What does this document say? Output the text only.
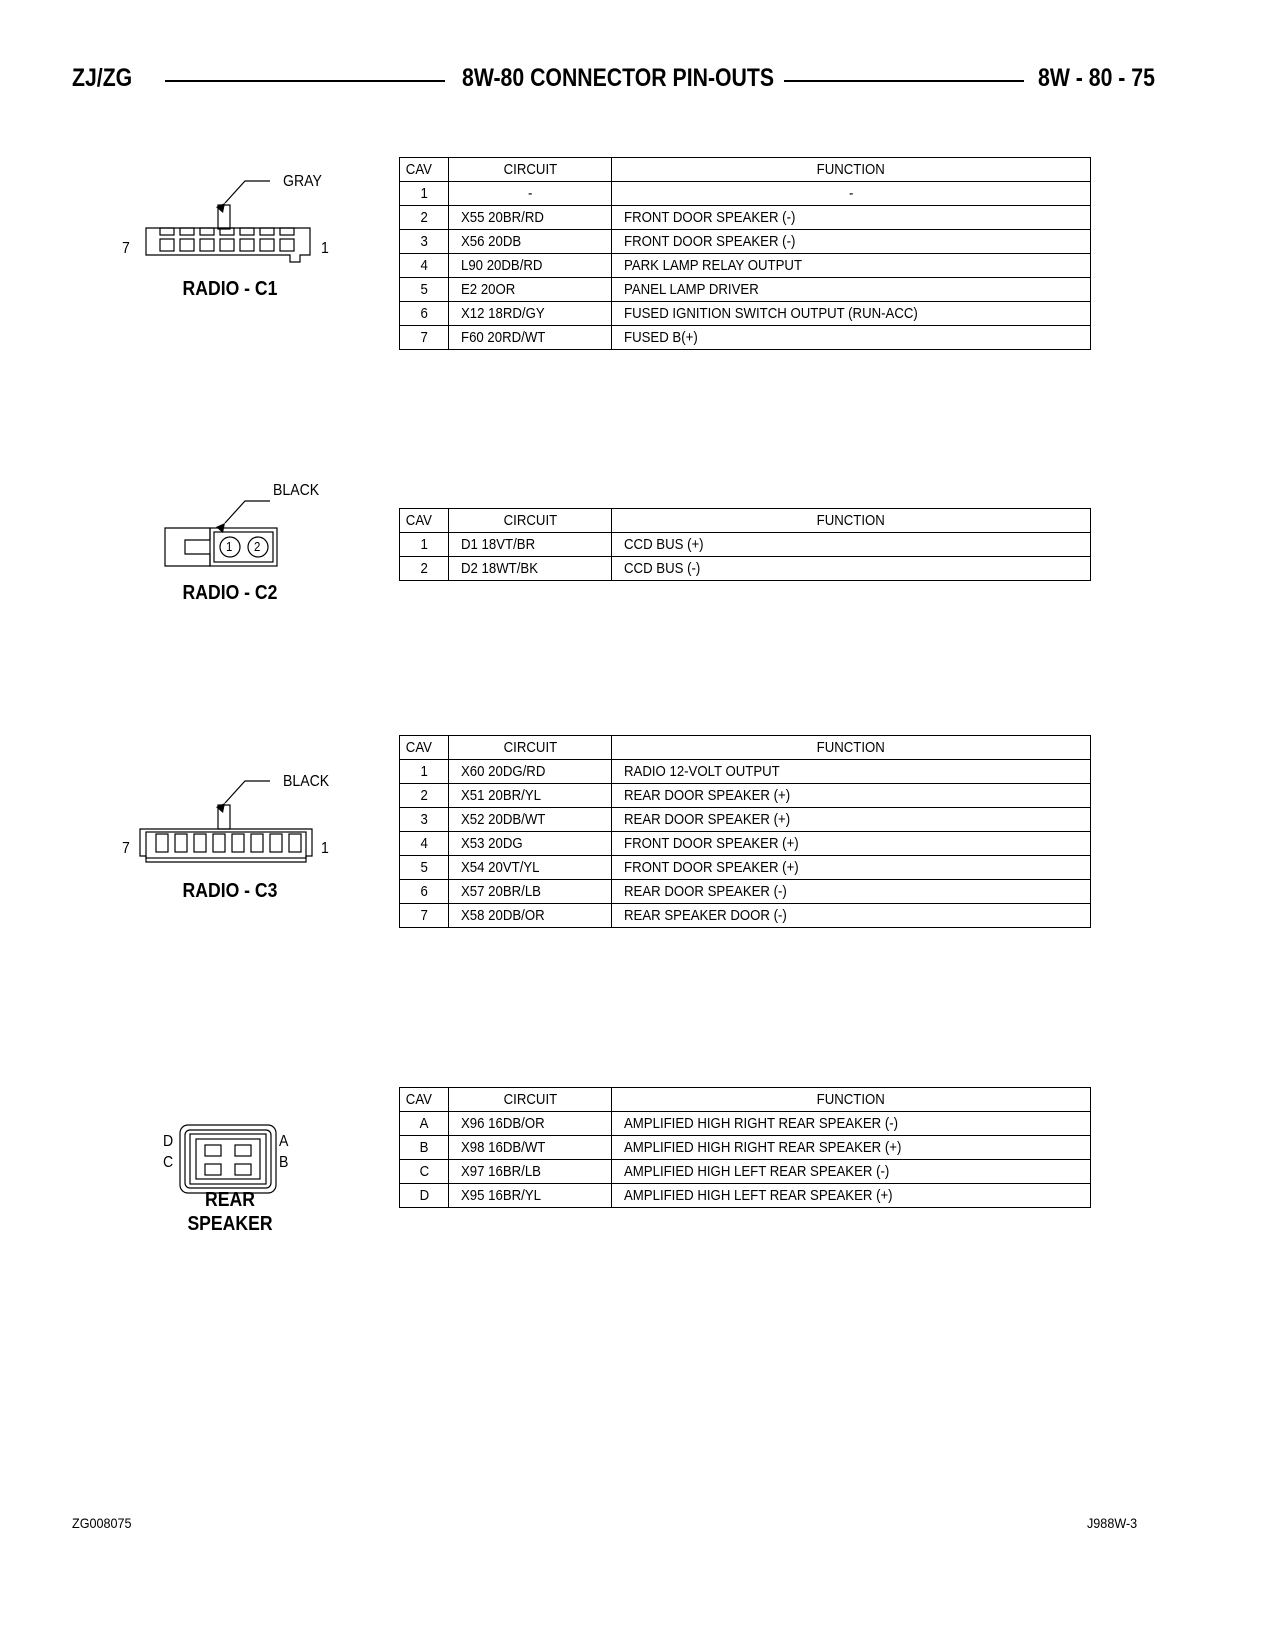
ZJ/ZG	8W-80 CONNECTOR PIN-OUTS	8W - 80 - 75
GRAY
7	1
RADIO - C1
CAV	CIRCUIT	FUNCTION
1	-	-
2	X55 20BR/RD	FRONT DOOR SPEAKER (-)
3	X56 20DB	FRONT DOOR SPEAKER (-)
4	L90 20DB/RD	PARK LAMP RELAY OUTPUT
5	E2 20OR	PANEL LAMP DRIVER
6	X12 18RD/GY	FUSED IGNITION SWITCH OUTPUT (RUN-ACC)
7	F60 20RD/WT	FUSED B(+)
BLACK
1 2
RADIO - C2
CAV	CIRCUIT	FUNCTION
1	D1 18VT/BR	CCD BUS (+)
2	D2 18WT/BK	CCD BUS (-)
BLACK
7	1
RADIO - C3
CAV	CIRCUIT	FUNCTION
1	X60 20DG/RD	RADIO 12-VOLT OUTPUT
2	X51 20BR/YL	REAR DOOR SPEAKER (+)
3	X52 20DB/WT	REAR DOOR SPEAKER (+)
4	X53 20DG	FRONT DOOR SPEAKER (+)
5	X54 20VT/YL	FRONT DOOR SPEAKER (+)
6	X57 20BR/LB	REAR DOOR SPEAKER (-)
7	X58 20DB/OR	REAR SPEAKER DOOR (-)
D
C
A
B
REAR
SPEAKER
CAV	CIRCUIT	FUNCTION
A	X96 16DB/OR	AMPLIFIED HIGH RIGHT REAR SPEAKER (-)
B	X98 16DB/WT	AMPLIFIED HIGH RIGHT REAR SPEAKER (+)
C	X97 16BR/LB	AMPLIFIED HIGH LEFT REAR SPEAKER (-)
D	X95 16BR/YL	AMPLIFIED HIGH LEFT REAR SPEAKER (+)
ZG008075	J988W-3
